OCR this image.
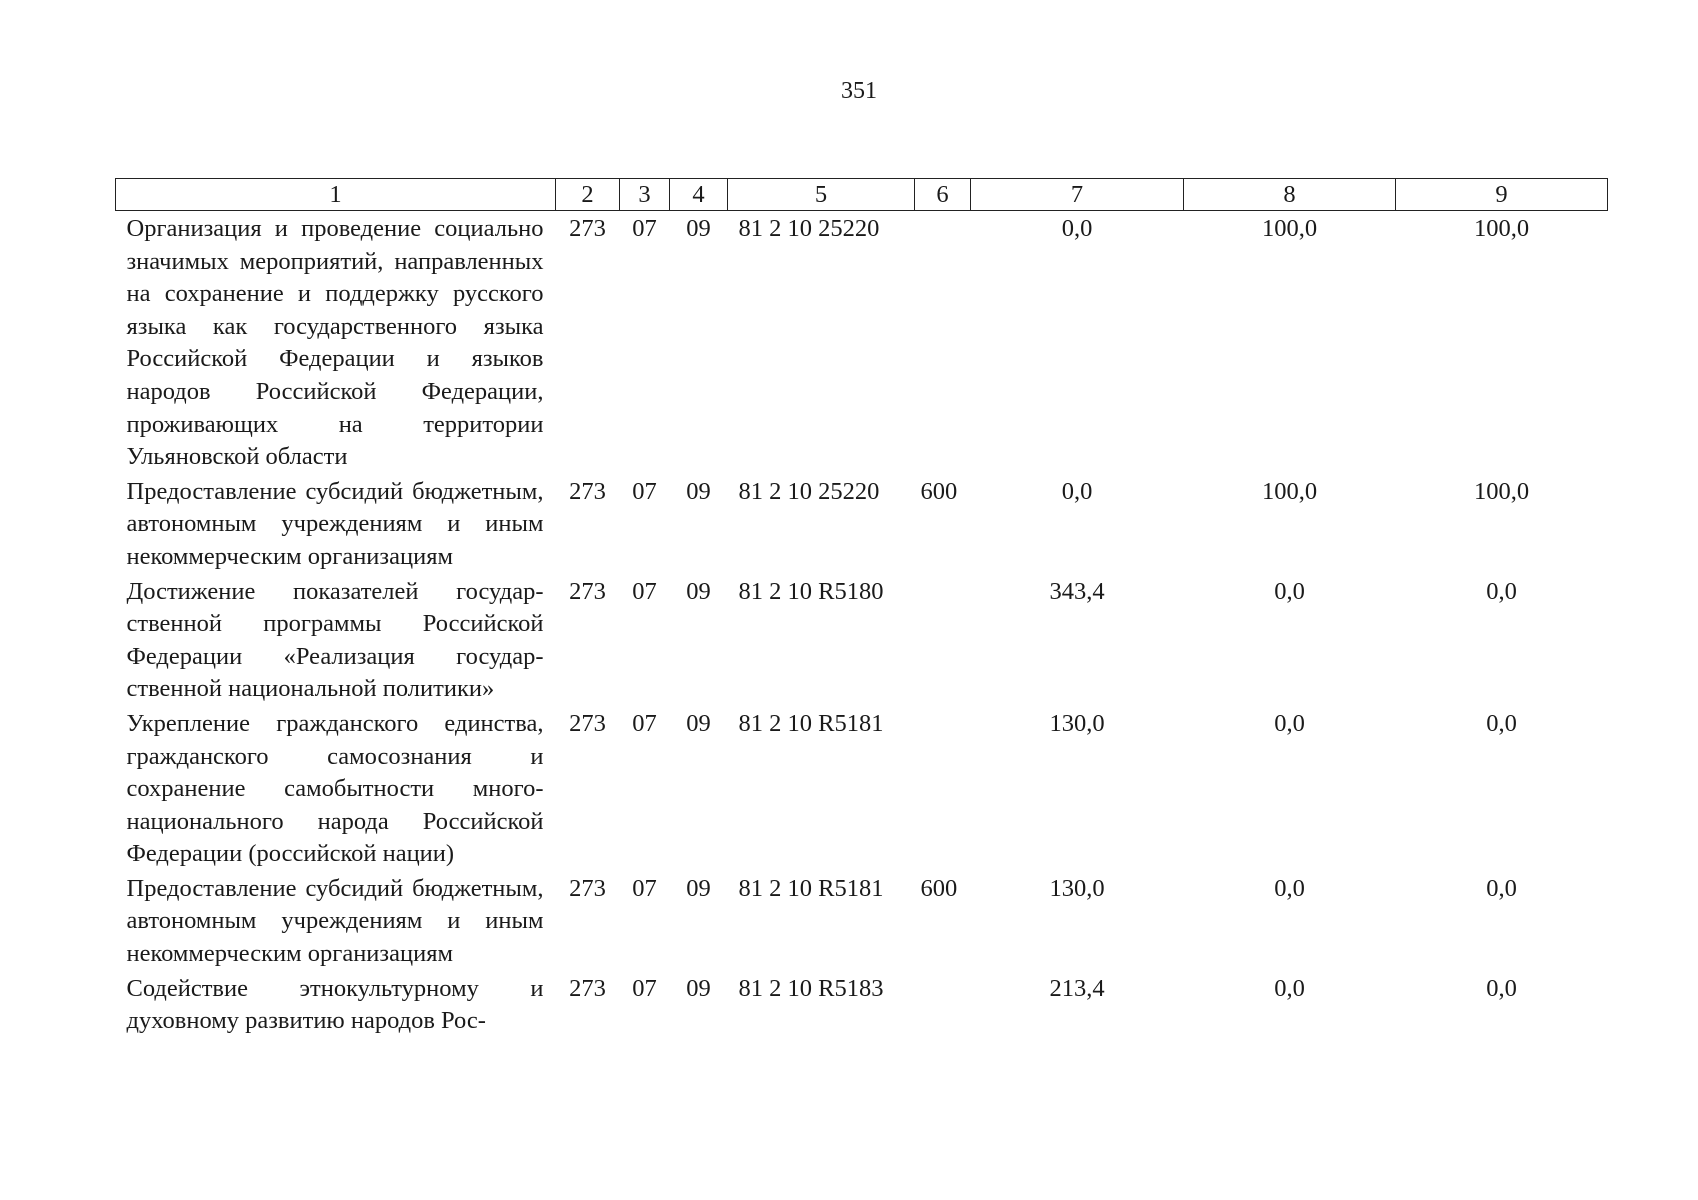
351
1	2	3	4	5	6	7	8	9
Организация и проведение социально значимых мероприятий, направленных на сохранение и поддержку русского языка как государственного языка Российской Федерации и языков народов Российской Федерации, проживающих на территории Ульяновской области	273	07	09	81 2 10 25220		0,0	100,0	100,0
Предоставление субсидий бюджетным, автономным учреждениям и иным некоммерческим организациям	273	07	09	81 2 10 25220	600	0,0	100,0	100,0
Достижение показателей государственной программы Российской Федерации «Реализация государственной национальной политики»	273	07	09	81 2 10 R5180		343,4	0,0	0,0
Укрепление гражданского единства, гражданского самосознания и сохранение самобытности многонационального народа Российской Федерации (российской нации)	273	07	09	81 2 10 R5181		130,0	0,0	0,0
Предоставление субсидий бюджетным, автономным учреждениям и иным некоммерческим организациям	273	07	09	81 2 10 R5181	600	130,0	0,0	0,0
Содействие этнокультурному и духовному развитию народов Рос-	273	07	09	81 2 10 R5183		213,4	0,0	0,0
